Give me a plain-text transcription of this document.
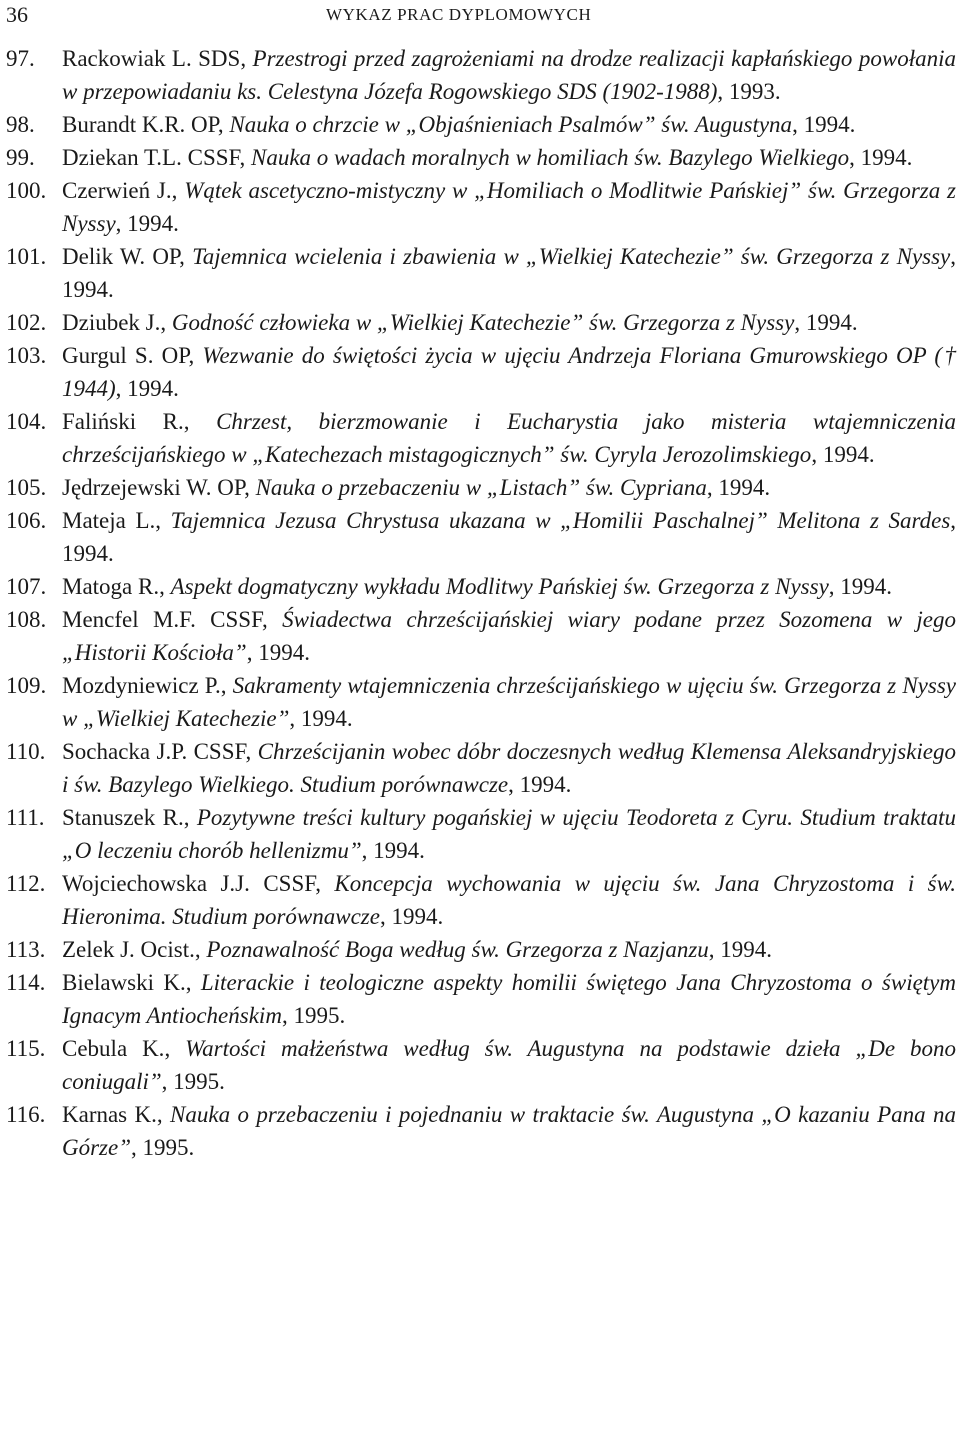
36	WYKAZ PRAC DYPLOMOWYCH

97. Rackowiak L. SDS, Przestrogi przed zagrożeniami na drodze realizacji kapłańskiego powołania w przepowiadaniu ks. Celestyna Józefa Rogowskiego SDS (1902-1988), 1993.

98. Burandt K.R. OP, Nauka o chrzcie w „Objaśnieniach Psalmów” św. Augustyna, 1994.

99. Dziekan T.L. CSSF, Nauka o wadach moralnych w homiliach św. Bazylego Wielkiego, 1994.

100. Czerwień J., Wątek ascetyczno-mistyczny w „Homiliach o Modlitwie Pańskiej” św. Grzegorza z Nyssy, 1994.

101. Delik W. OP, Tajemnica wcielenia i zbawienia w „Wielkiej Katechezie” św. Grzegorza z Nyssy, 1994.

102. Dziubek J., Godność człowieka w „Wielkiej Katechezie” św. Grzegorza z Nyssy, 1994.

103. Gurgul S. OP, Wezwanie do świętości życia w ujęciu Andrzeja Floriana Gmurowskiego OP († 1944), 1994.

104. Faliński R., Chrzest, bierzmowanie i Eucharystia jako misteria wtajemniczenia chrześcijańskiego w „Katechezach mistagogicznych” św. Cyryla Jerozolimskiego, 1994.

105. Jędrzejewski W. OP, Nauka o przebaczeniu w „Listach” św. Cypriana, 1994.

106. Mateja L., Tajemnica Jezusa Chrystusa ukazana w „Homilii Paschalnej” Melitona z Sardes, 1994.

107. Matoga R., Aspekt dogmatyczny wykładu Modlitwy Pańskiej św. Grzegorza z Nyssy, 1994.

108. Mencfel M.F. CSSF, Świadectwa chrześcijańskiej wiary podane przez Sozomena w jego „Historii Kościoła”, 1994.

109. Mozdyniewicz P., Sakramenty wtajemniczenia chrześcijańskiego w ujęciu św. Grzegorza z Nyssy w „Wielkiej Katechezie”, 1994.

110. Sochacka J.P. CSSF, Chrześcijanin wobec dóbr doczesnych według Klemensa Aleksandryjskiego i św. Bazylego Wielkiego. Studium porównawcze, 1994.

111. Stanuszek R., Pozytywne treści kultury pogańskiej w ujęciu Teodoreta z Cyru. Studium traktatu „O leczeniu chorób hellenizmu”, 1994.

112. Wojciechowska J.J. CSSF, Koncepcja wychowania w ujęciu św. Jana Chryzostoma i św. Hieronima. Studium porównawcze, 1994.

113. Zelek J. Ocist., Poznawalność Boga według św. Grzegorza z Nazjanzu, 1994.

114. Bielawski K., Literackie i teologiczne aspekty homilii świętego Jana Chryzostoma o świętym Ignacym Antiocheńskim, 1995.

115. Cebula K., Wartości małżeństwa według św. Augustyna na podstawie dzieła „De bono coniugali”, 1995.

116. Karnas K., Nauka o przebaczeniu i pojednaniu w traktacie św. Augustyna „O kazaniu Pana na Górze”, 1995.
